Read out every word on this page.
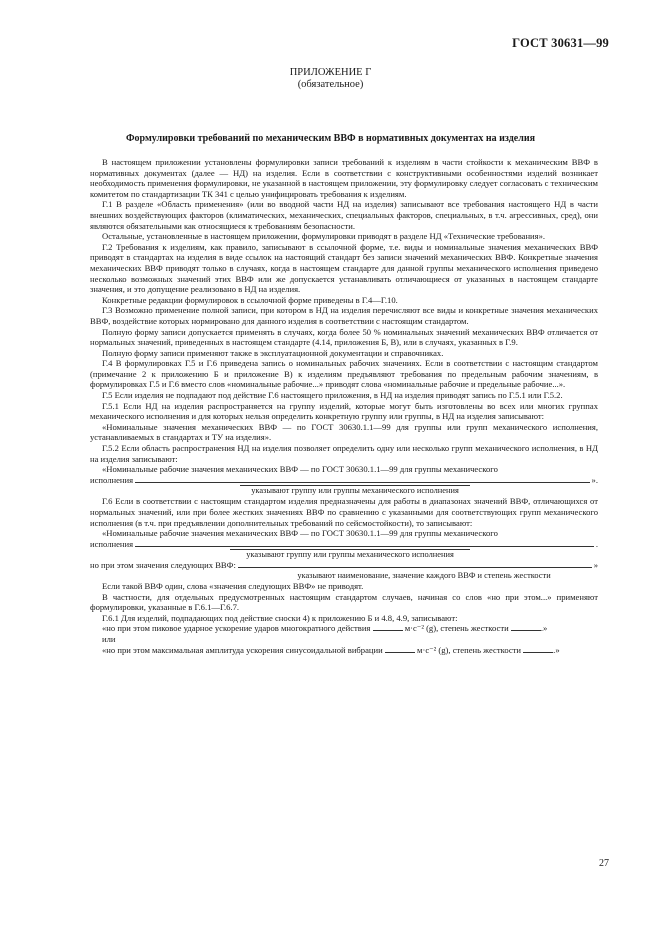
ГОСТ 30631—99
ПРИЛОЖЕНИЕ Г
(обязательное)
Формулировки требований по механическим ВВФ в нормативных документах на изделия

В настоящем приложении установлены формулировки записи требований к изделиям в части стойкости к механическим ВВФ в нормативных документах (далее — НД) на изделия. Если в соответствии с конструктивными особенностями изделий возникает необходимость применения формулировки, не указанной в настоящем приложении, эту формулировку следует согласовать с техническим комитетом по стандартизации ТК 341 с целью унифицировать требования к изделиям.

Г.1 В разделе «Область применения» (или во вводной части НД на изделия) записывают все требования настоящего НД в части внешних воздействующих факторов (климатических, механических, специальных факторов, специальных, в т.ч. агрессивных, сред), они являются обязательными как относящиеся к требованиям безопасности.

Остальные, установленные в настоящем приложении, формулировки приводят в разделе НД «Технические требования».

Г.2 Требования к изделиям, как правило, записывают в ссылочной форме, т.е. виды и номинальные значения механических ВВФ приводят в стандартах на изделия в виде ссылок на настоящий стандарт без записи значений механических ВВФ. Конкретные значения механических ВВФ приводят только в случаях, когда в настоящем стандарте для данной группы механического исполнения приведено несколько возможных значений этих ВВФ или же допускается устанавливать отличающиеся от указанных в настоящем стандарте значения, и это допущение реализовано в НД на изделия.

Конкретные редакции формулировок в ссылочной форме приведены в Г.4—Г.10.

Г.3 Возможно применение полной записи, при котором в НД на изделия перечисляют все виды и конкретные значения механических ВВФ, воздействие которых нормировано для данного изделия в соответствии с настоящим стандартом.

Полную форму записи допускается применять в случаях, когда более 50 % номинальных значений механических ВВФ отличается от нормальных значений, приведенных в настоящем стандарте (4.14, приложения Б, В), или в случаях, указанных в Г.9.

Полную форму записи применяют также в эксплуатационной документации и справочниках.

Г.4 В формулировках Г.5 и Г.6 приведена запись о номинальных рабочих значениях. Если в соответствии с настоящим стандартом (примечание 2 к приложению Б и приложение В) к изделиям предъявляют требования по предельным рабочим значениям, в формулировках Г.5 и Г.6 вместо слов «номинальные рабочие...» приводят слова «номинальные рабочие и предельные рабочие...».

Г.5 Если изделия не подпадают под действие Г.6 настоящего приложения, в НД на изделия приводят запись по Г.5.1 или Г.5.2.

Г.5.1 Если НД на изделия распространяется на группу изделий, которые могут быть изготовлены во всех или многих группах механического исполнения и для которых нельзя определить конкретную группу или группы, в НД на изделия записывают:

«Номинальные значения механических ВВФ — по ГОСТ 30630.1.1—99 для группы или групп механического исполнения, устанавливаемых в стандартах и ТУ на изделия».

Г.5.2 Если область распространения НД на изделия позволяет определить одну или несколько групп механического исполнения, в НД на изделия записывают:

«Номинальные рабочие значения механических ВВФ — по ГОСТ 30630.1.1—99 для группы механического

исполнения	».
указывают группу или группы механического исполнения

Г.6 Если в соответствии с настоящим стандартом изделия предназначены для работы в диапазонах значений ВВФ, отличающихся от нормальных значений, или при более жестких значениях ВВФ по сравнению с указанными для соответствующих групп механического исполнения (в т.ч. при предъявлении дополнительных требований по сейсмостойкости), то записывают:

«Номинальные рабочие значения механических ВВФ — по ГОСТ 30630.1.1—99 для группы механического

исполнения	.
указывают группу или группы механического исполнения
но при этом значения следующих ВВФ:	»
указывают наименование, значение каждого ВВФ и степень жесткости

Если такой ВВФ один, слова «значения следующих ВВФ» не приводят.

В частности, для отдельных предусмотренных настоящим стандартом случаев, начиная со слов «но при этом...» применяют формулировки, указанные в Г.6.1—Г.6.7.

Г.6.1 Для изделий, подпадающих под действие сноски 4) к приложению Б и 4.8, 4.9, записывают:

«но при этом пиковое ударное ускорение ударов многократного действия	м·с⁻² (g), степень жесткости	.»

или

«но при этом максимальная амплитуда ускорения синусоидальной вибрации	м·с⁻² (g), степень жесткости	.»

27
